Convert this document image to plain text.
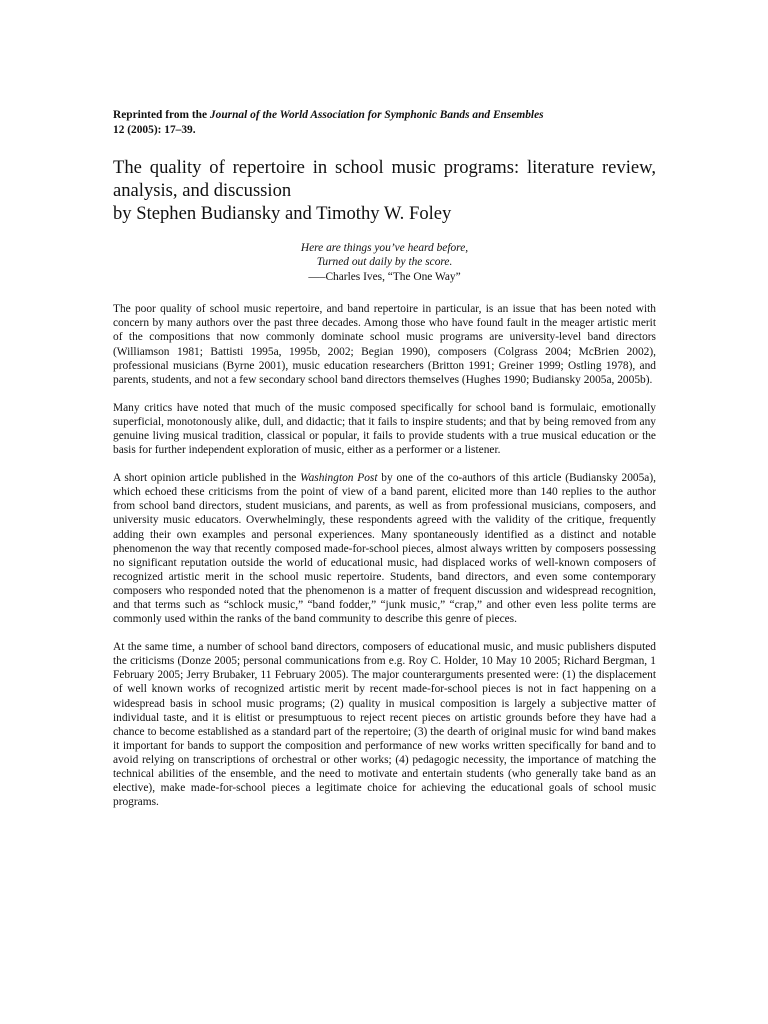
Reprinted from the Journal of the World Association for Symphonic Bands and Ensembles
12 (2005): 17–39.

The quality of repertoire in school music programs: literature review, analysis, and discussion
by Stephen Budiansky and Timothy W. Foley
Here are things you’ve heard before,
Turned out daily by the score.
—–Charles Ives, “The One Way”

The poor quality of school music repertoire, and band repertoire in particular, is an issue that has been noted with concern by many authors over the past three decades. Among those who have found fault in the meager artistic merit of the compositions that now commonly dominate school music programs are university-level band directors (Williamson 1981; Battisti 1995a, 1995b, 2002; Begian 1990), composers (Colgrass 2004; McBrien 2002), professional musicians (Byrne 2001), music education researchers (Britton 1991; Greiner 1999; Ostling 1978), and parents, students, and not a few secondary school band directors themselves (Hughes 1990; Budiansky 2005a, 2005b).

Many critics have noted that much of the music composed specifically for school band is formulaic, emotionally superficial, monotonously alike, dull, and didactic; that it fails to inspire students; and that by being removed from any genuine living musical tradition, classical or popular, it fails to provide students with a true musical education or the basis for further independent exploration of music, either as a performer or a listener.

A short opinion article published in the Washington Post by one of the co-authors of this article (Budiansky 2005a), which echoed these criticisms from the point of view of a band parent, elicited more than 140 replies to the author from school band directors, student musicians, and parents, as well as from professional musicians, composers, and university music educators. Overwhelmingly, these respondents agreed with the validity of the critique, frequently adding their own examples and personal experiences. Many spontaneously identified as a distinct and notable phenomenon the way that recently composed made-for-school pieces, almost always written by composers possessing no significant reputation outside the world of educational music, had displaced works of well-known composers of recognized artistic merit in the school music repertoire. Students, band directors, and even some contemporary composers who responded noted that the phenomenon is a matter of frequent discussion and widespread recognition, and that terms such as “schlock music,” “band fodder,” “junk music,” “crap,” and other even less polite terms are commonly used within the ranks of the band community to describe this genre of pieces.

At the same time, a number of school band directors, composers of educational music, and music publishers disputed the criticisms (Donze 2005; personal communications from e.g. Roy C. Holder, 10 May 10 2005; Richard Bergman, 1 February 2005; Jerry Brubaker, 11 February 2005). The major counterarguments presented were: (1) the displacement of well known works of recognized artistic merit by recent made-for-school pieces is not in fact happening on a widespread basis in school music programs; (2) quality in musical composition is largely a subjective matter of individual taste, and it is elitist or presumptuous to reject recent pieces on artistic grounds before they have had a chance to become established as a standard part of the repertoire; (3) the dearth of original music for wind band makes it important for bands to support the composition and performance of new works written specifically for band and to avoid relying on transcriptions of orchestral or other works; (4) pedagogic necessity, the importance of matching the technical abilities of the ensemble, and the need to motivate and entertain students (who generally take band as an elective), make made-for-school pieces a legitimate choice for achieving the educational goals of school music programs.
